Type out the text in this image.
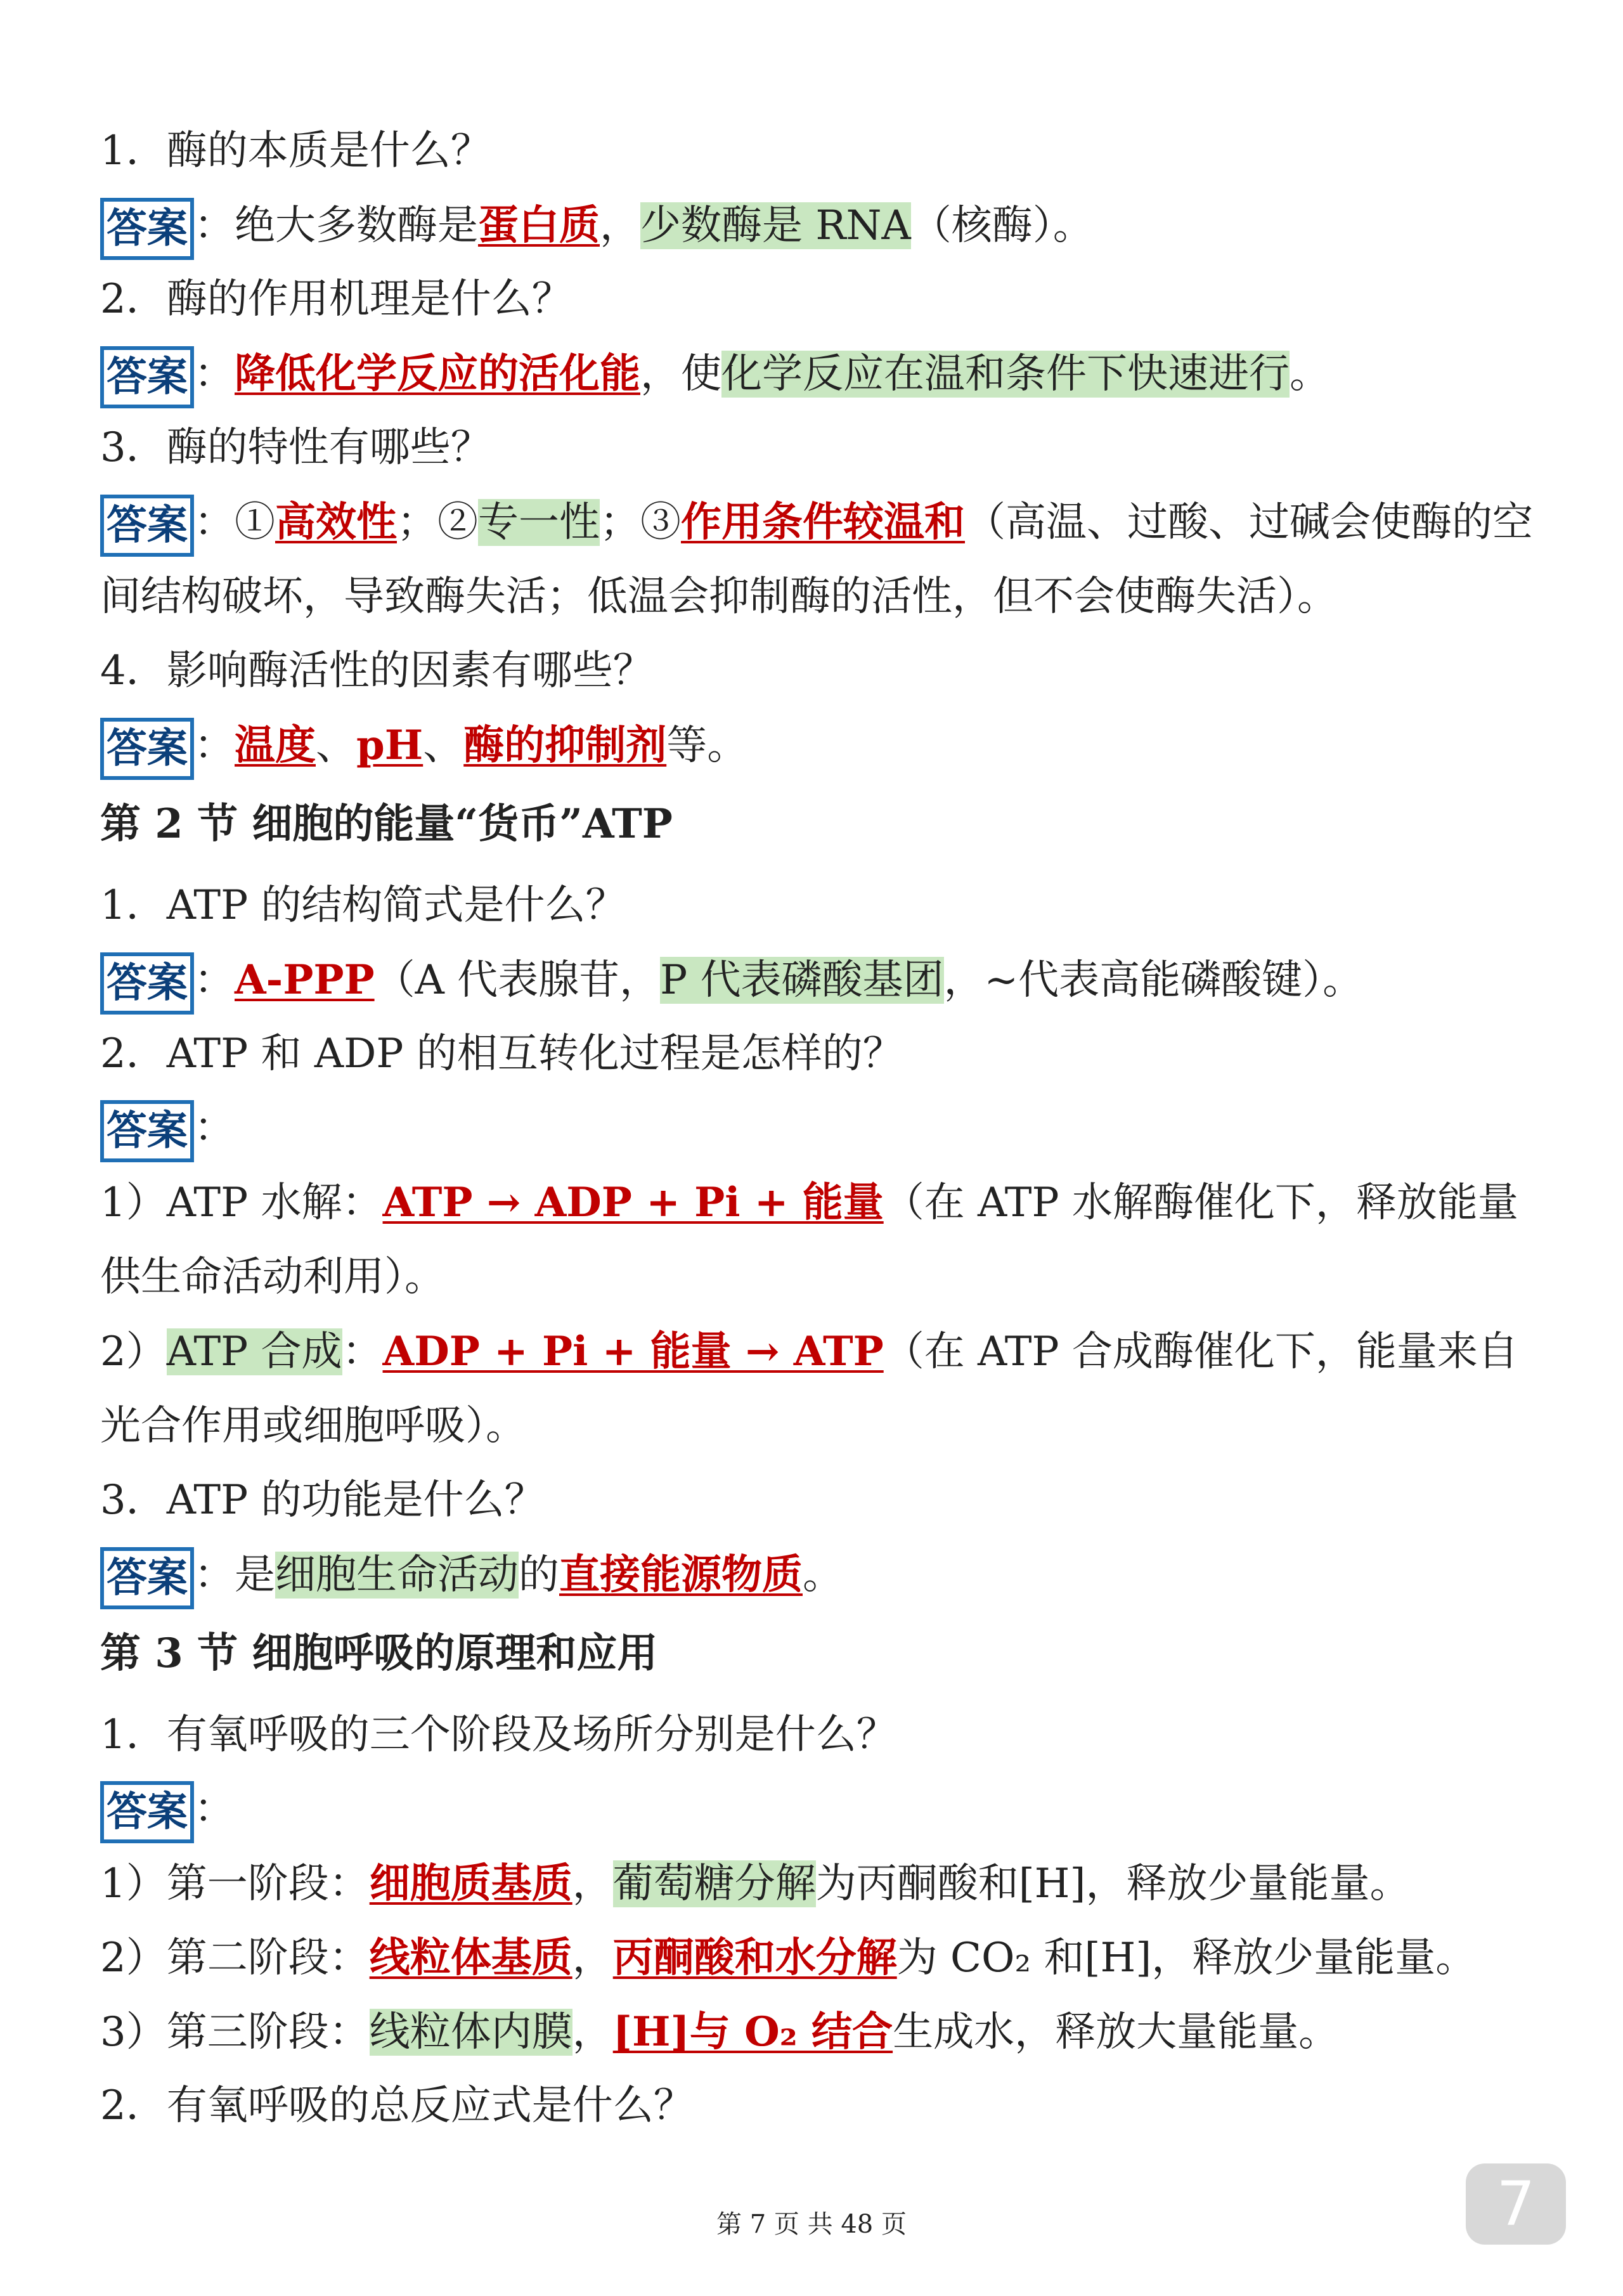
1．酶的本质是什么？
答案 ：绝大多数酶是蛋白质，少数酶是 RNA（核酶）。
2．酶的作用机理是什么？
答案 ：降低化学反应的活化能，使化学反应在温和条件下快速进行。
3．酶的特性有哪些？
答案 ：①高效性；②专一性；③作用条件较温和（高温、过酸、过碱会使酶的空间结构破坏，导致酶失活；低温会抑制酶的活性，但不会使酶失活）。
4．影响酶活性的因素有哪些？
答案 ：温度、pH、酶的抑制剂等。
第 2 节 细胞的能量“货币”ATP
1．ATP 的结构简式是什么？
答案 ：A-PPP（A 代表腺苷，P 代表磷酸基团，~代表高能磷酸键）。
2．ATP 和 ADP 的相互转化过程是怎样的？
答案 ：
1）ATP 水解：ATP → ADP + Pi + 能量（在 ATP 水解酶催化下，释放能量供生命活动利用）。
2）ATP 合成：ADP + Pi + 能量 → ATP（在 ATP 合成酶催化下，能量来自光合作用或细胞呼吸）。
3．ATP 的功能是什么？
答案 ：是细胞生命活动的直接能源物质。
第 3 节 细胞呼吸的原理和应用
1．有氧呼吸的三个阶段及场所分别是什么？
答案 ：
1）第一阶段：细胞质基质，葡萄糖分解为丙酮酸和[H]，释放少量能量。
2）第二阶段：线粒体基质，丙酮酸和水分解为 CO₂ 和[H]，释放少量能量。
3）第三阶段：线粒体内膜，[H]与 O₂ 结合生成水，释放大量能量。
2．有氧呼吸的总反应式是什么？
第 7 页 共 48 页	7
